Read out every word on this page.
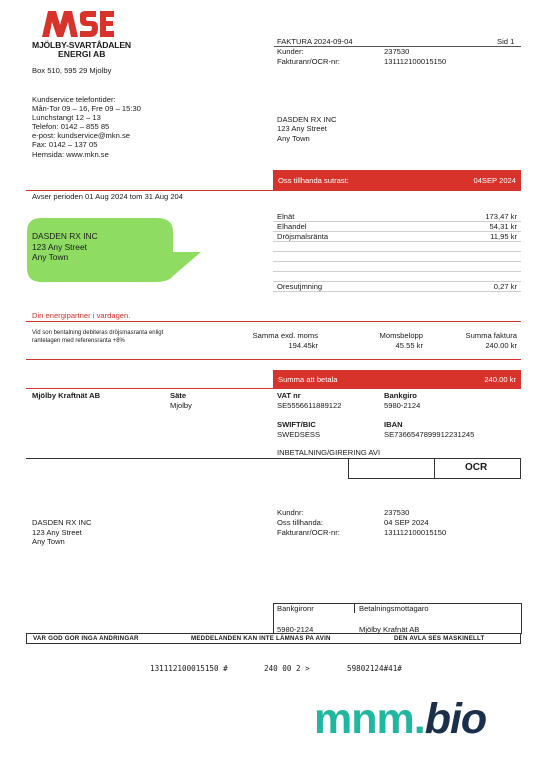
MJÖLBY-SVARTÅDALEN
ENERGI AB
Box 510, 595 29 Mjolby
Kundservice telefontider:
Mån-Tor 09 – 16, Fre 09 – 15:30
Lunchstangt 12 – 13
Telefon: 0142 – 855 85
e-post: kundservice@mkn.se
Fax: 0142 – 137 05
Hemsida: www.mkn.se
FAKTURA 2024-09-04	Sid 1
Kunder:	237530
Fakturanr/OCR-nr:	131112100015150
DASDEN RX INC
123 Any Street
Any Town
Oss tillhanda sutrast:	04SEP 2024
Avser perioden 01 Aug 2024 tom 31 Aug 204
DASDEN RX INC
123 Any Street
Any Town
Elnät	173,47 kr
Elhandel	54,31 kr
Dröjsmalsränta	11,95 kr
Oresutjmning	0,27 kr
Din energipartner i vardagen.
Vid son bentalning debiteras dröjsmasranta enligt
rantelagen med referensranta +8%
Samma exd. moms
194.45kr
Momsbelopp
45.55 kr
Summa faktura
240.00 kr
Summa att betala	240.00 kr
Mjölby Kraftnät AB	Säte
Mjolby
VAT nr
SE5556611889122
Bankgiro
5980-2124
SWIFT/BIC
SWEDSESS
IBAN
SE7366547899912231245
INBETALNING/GIRERING AVI
OCR
DASDEN RX INC
123 Any Street
Any Town
Kundnr:	237530
Oss tillhanda:	04 SEP 2024
Fakturanr/OCR-nr:	131112100015150
Bankgironr	Betalningsmottagaro
5980-2124	Mjölby Krafnät AB
VAR GOD GOR INGA ANDRINGAR	MEDDELANDEN KAN INTE LÄMNAS PA AVIN	DEN AVLA SES MASKINELLT
131112100015150 #	240 00 2 >	59802124#41#
mnm.bio
